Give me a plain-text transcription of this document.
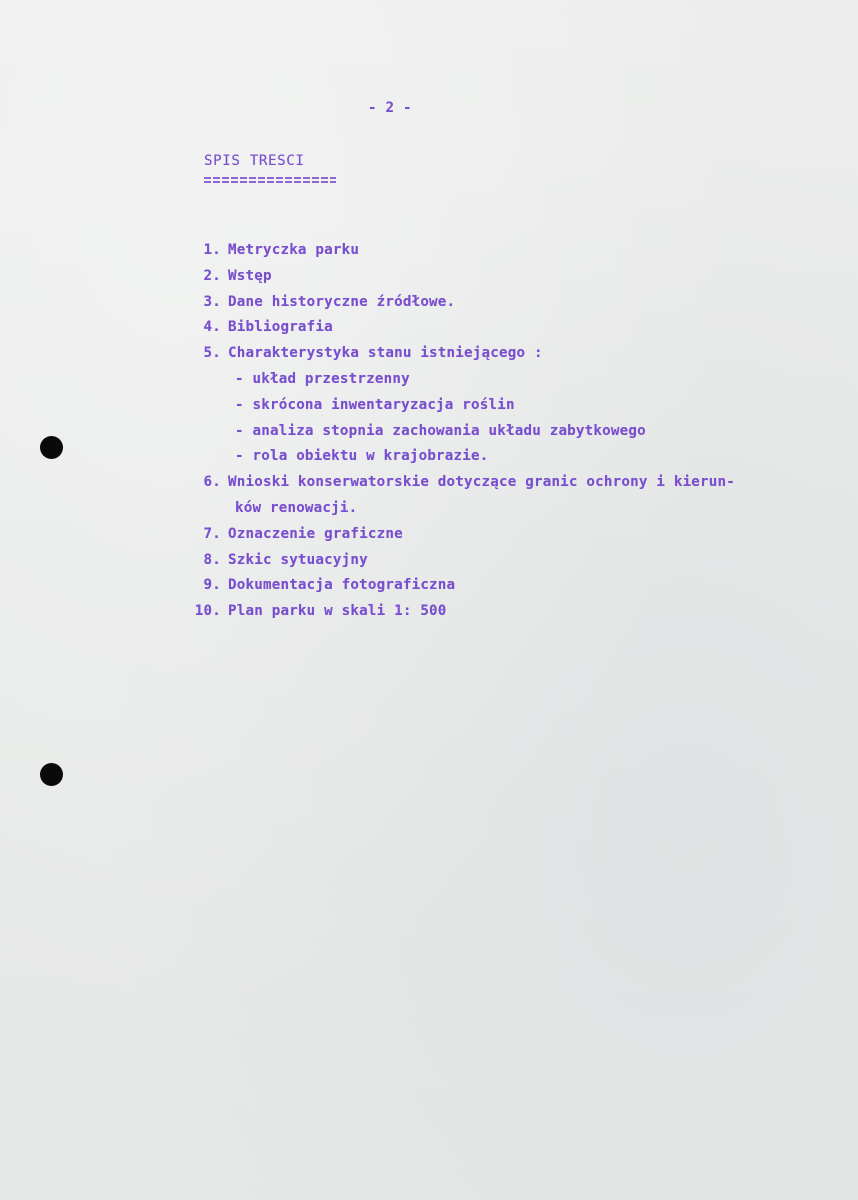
- 2 -
SPIS TRESCI
1. Metryczka parku
2. Wstęp
3. Dane historyczne źródłowe.
4. Bibliografia
5. Charakterystyka stanu istniejącego :
- układ przestrzenny
- skrócona inwentaryzacja roślin
- analiza stopnia zachowania układu zabytkowego
- rola obiektu w krajobrazie.
6. Wnioski konserwatorskie dotyczące granic ochrony i kierun-
ków renowacji.
7. Oznaczenie graficzne
8. Szkic sytuacyjny
9. Dokumentacja fotograficzna
10. Plan parku w skali 1: 500
